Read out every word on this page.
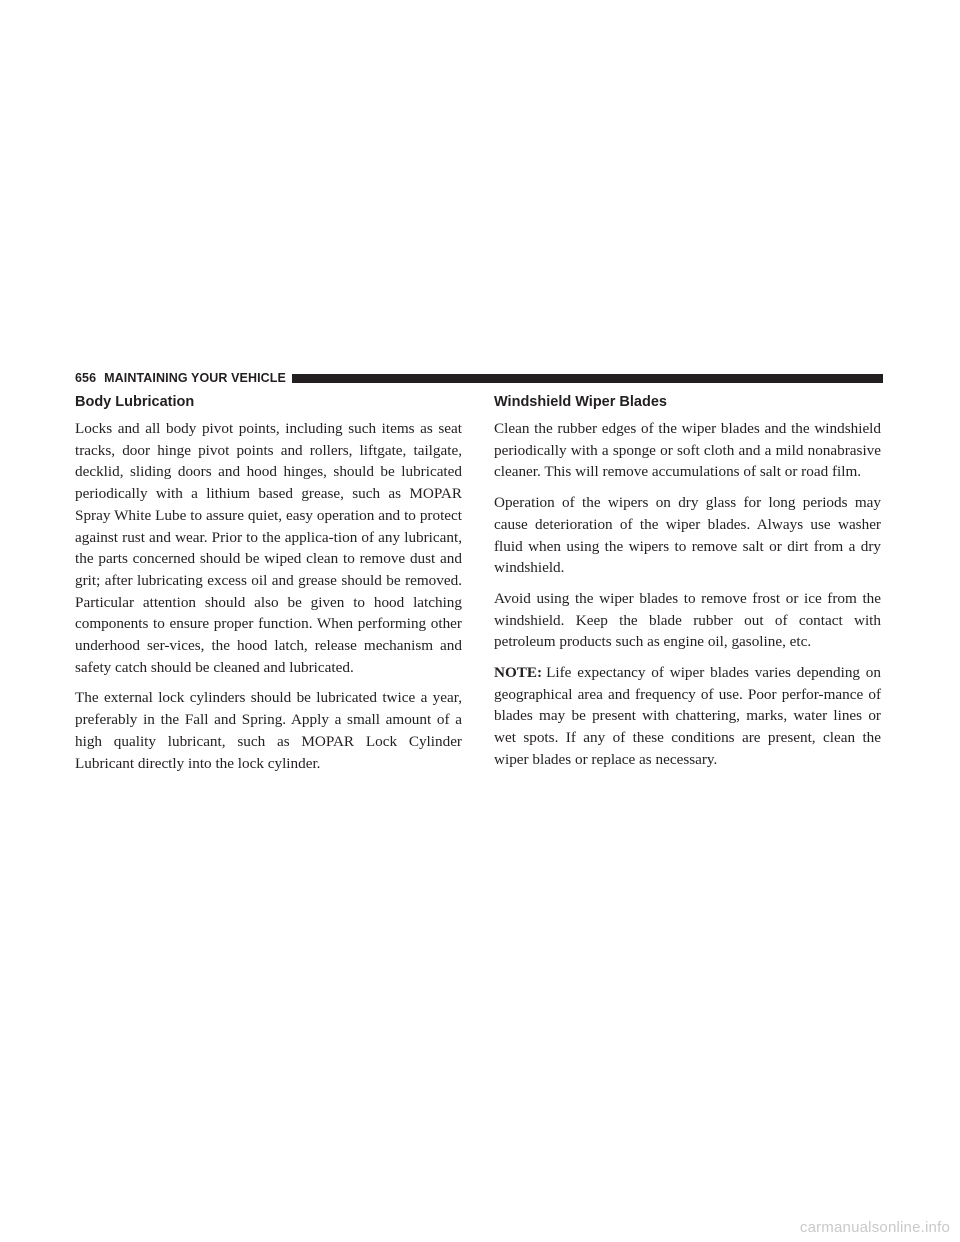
656 MAINTAINING YOUR VEHICLE
Body Lubrication

Locks and all body pivot points, including such items as seat tracks, door hinge pivot points and rollers, liftgate, tailgate, decklid, sliding doors and hood hinges, should be lubricated periodically with a lithium based grease, such as MOPAR Spray White Lube to assure quiet, easy operation and to protect against rust and wear. Prior to the applica-tion of any lubricant, the parts concerned should be wiped clean to remove dust and grit; after lubricating excess oil and grease should be removed. Particular attention should also be given to hood latching components to ensure proper function. When performing other underhood ser-vices, the hood latch, release mechanism and safety catch should be cleaned and lubricated.

The external lock cylinders should be lubricated twice a year, preferably in the Fall and Spring. Apply a small amount of a high quality lubricant, such as MOPAR Lock Cylinder Lubricant directly into the lock cylinder.

Windshield Wiper Blades

Clean the rubber edges of the wiper blades and the windshield periodically with a sponge or soft cloth and a mild nonabrasive cleaner. This will remove accumulations of salt or road film.

Operation of the wipers on dry glass for long periods may cause deterioration of the wiper blades. Always use washer fluid when using the wipers to remove salt or dirt from a dry windshield.

Avoid using the wiper blades to remove frost or ice from the windshield. Keep the blade rubber out of contact with petroleum products such as engine oil, gasoline, etc.

NOTE: Life expectancy of wiper blades varies depending on geographical area and frequency of use. Poor perfor-mance of blades may be present with chattering, marks, water lines or wet spots. If any of these conditions are present, clean the wiper blades or replace as necessary.

carmanualsonline.info
